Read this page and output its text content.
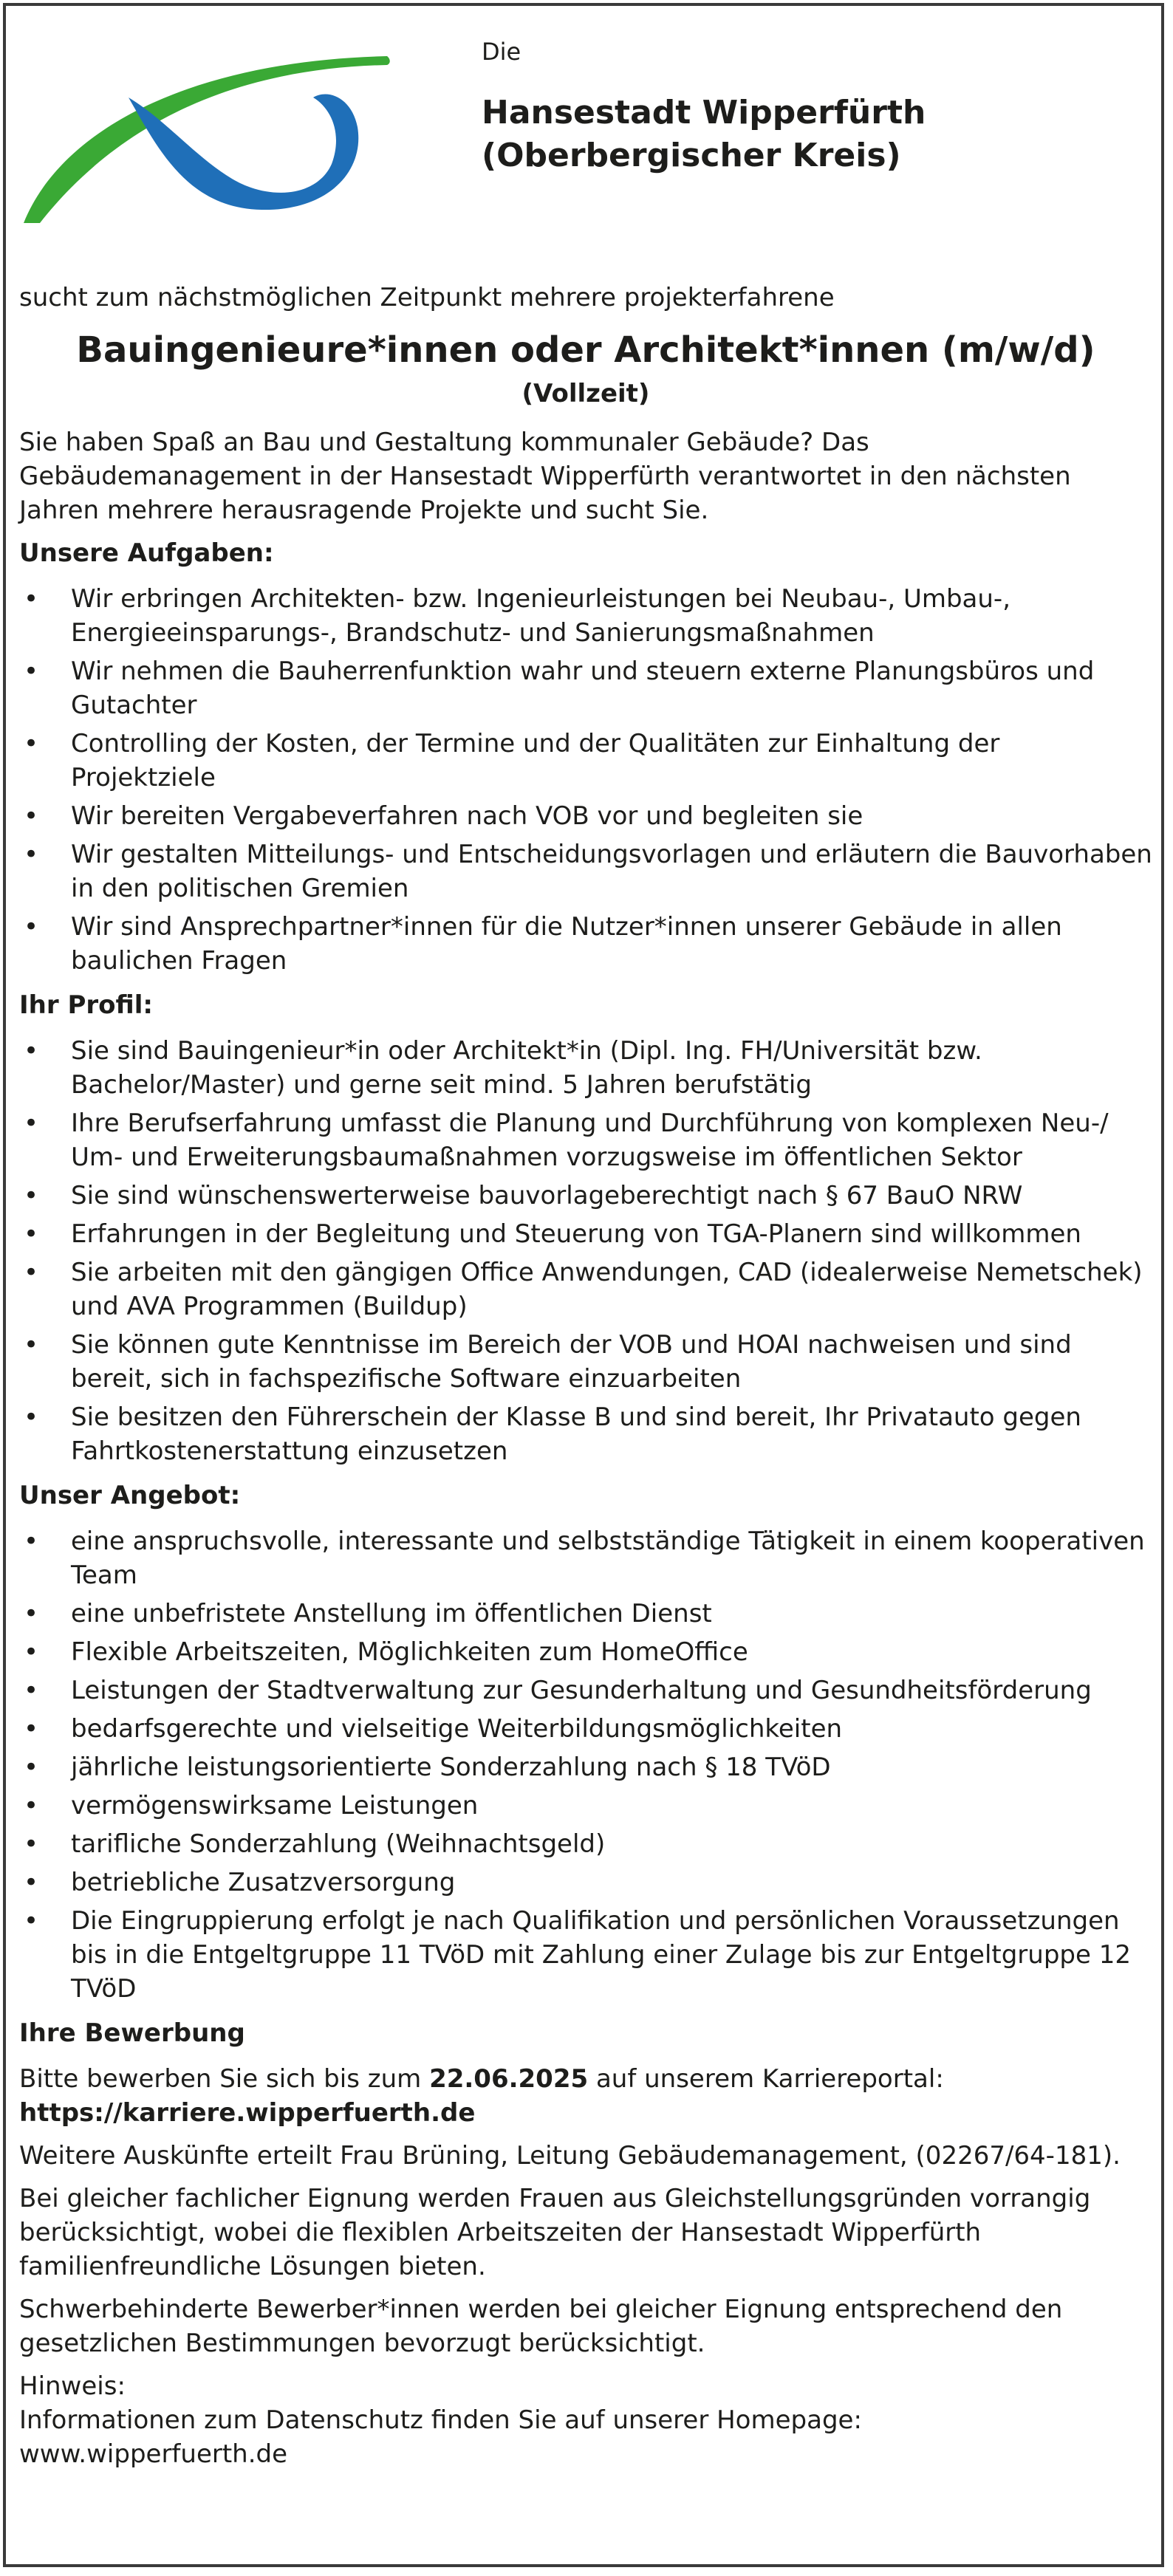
Die
Hansestadt Wipperfürth
(Oberbergischer Kreis)

sucht zum nächstmöglichen Zeitpunkt mehrere projekterfahrene

Bauingenieure*innen oder Architekt*innen (m/w/d)
(Vollzeit)

Sie haben Spaß an Bau und Gestaltung kommunaler Gebäude? Das Gebäudemanagement in der Hansestadt Wipperfürth verantwortet in den nächsten Jahren mehrere herausragende Projekte und sucht Sie.

Unsere Aufgaben:
• Wir erbringen Architekten- bzw. Ingenieurleistungen bei Neubau-, Umbau-, Energieeinsparungs-, Brandschutz- und Sanierungsmaßnahmen
• Wir nehmen die Bauherrenfunktion wahr und steuern externe Planungsbüros und Gutachter
• Controlling der Kosten, der Termine und der Qualitäten zur Einhaltung der Projektziele
• Wir bereiten Vergabeverfahren nach VOB vor und begleiten sie
• Wir gestalten Mitteilungs- und Entscheidungsvorlagen und erläutern die Bauvorhaben in den politischen Gremien
• Wir sind Ansprechpartner*innen für die Nutzer*innen unserer Gebäude in allen baulichen Fragen
Ihr Profil:
• Sie sind Bauingenieur*in oder Architekt*in (Dipl. Ing. FH/Universität bzw. Bachelor/Master) und gerne seit mind. 5 Jahren berufstätig
• Ihre Berufserfahrung umfasst die Planung und Durchführung von komplexen Neu-/ Um- und Erweiterungsbaumaßnahmen vorzugsweise im öffentlichen Sektor
• Sie sind wünschenswerterweise bauvorlageberechtigt nach § 67 BauO NRW
• Erfahrungen in der Begleitung und Steuerung von TGA-Planern sind willkommen
• Sie arbeiten mit den gängigen Office Anwendungen, CAD (idealerweise Nemetschek) und AVA Programmen (Buildup)
• Sie können gute Kenntnisse im Bereich der VOB und HOAI nachweisen und sind bereit, sich in fachspezifische Software einzuarbeiten
• Sie besitzen den Führerschein der Klasse B und sind bereit, Ihr Privatauto gegen Fahrtkostenerstattung einzusetzen
Unser Angebot:
• eine anspruchsvolle, interessante und selbstständige Tätigkeit in einem kooperativen Team
• eine unbefristete Anstellung im öffentlichen Dienst
• Flexible Arbeitszeiten, Möglichkeiten zum HomeOffice
• Leistungen der Stadtverwaltung zur Gesunderhaltung und Gesundheitsförderung
• bedarfsgerechte und vielseitige Weiterbildungsmöglichkeiten
• jährliche leistungsorientierte Sonderzahlung nach § 18 TVöD
• vermögenswirksame Leistungen
• tarifliche Sonderzahlung (Weihnachtsgeld)
• betriebliche Zusatzversorgung
• Die Eingruppierung erfolgt je nach Qualifikation und persönlichen Voraussetzungen bis in die Entgeltgruppe 11 TVöD mit Zahlung einer Zulage bis zur Entgeltgruppe 12 TVöD
Ihre Bewerbung

Bitte bewerben Sie sich bis zum 22.06.2025 auf unserem Karriereportal:
https://karriere.wipperfuerth.de

Weitere Auskünfte erteilt Frau Brüning, Leitung Gebäudemanagement, (02267/64-181).

Bei gleicher fachlicher Eignung werden Frauen aus Gleichstellungsgründen vorrangig berücksichtigt, wobei die flexiblen Arbeitszeiten der Hansestadt Wipperfürth familienfreundliche Lösungen bieten.

Schwerbehinderte Bewerber*innen werden bei gleicher Eignung entsprechend den gesetzlichen Bestimmungen bevorzugt berücksichtigt.

Hinweis:
Informationen zum Datenschutz finden Sie auf unserer Homepage:
www.wipperfuerth.de
